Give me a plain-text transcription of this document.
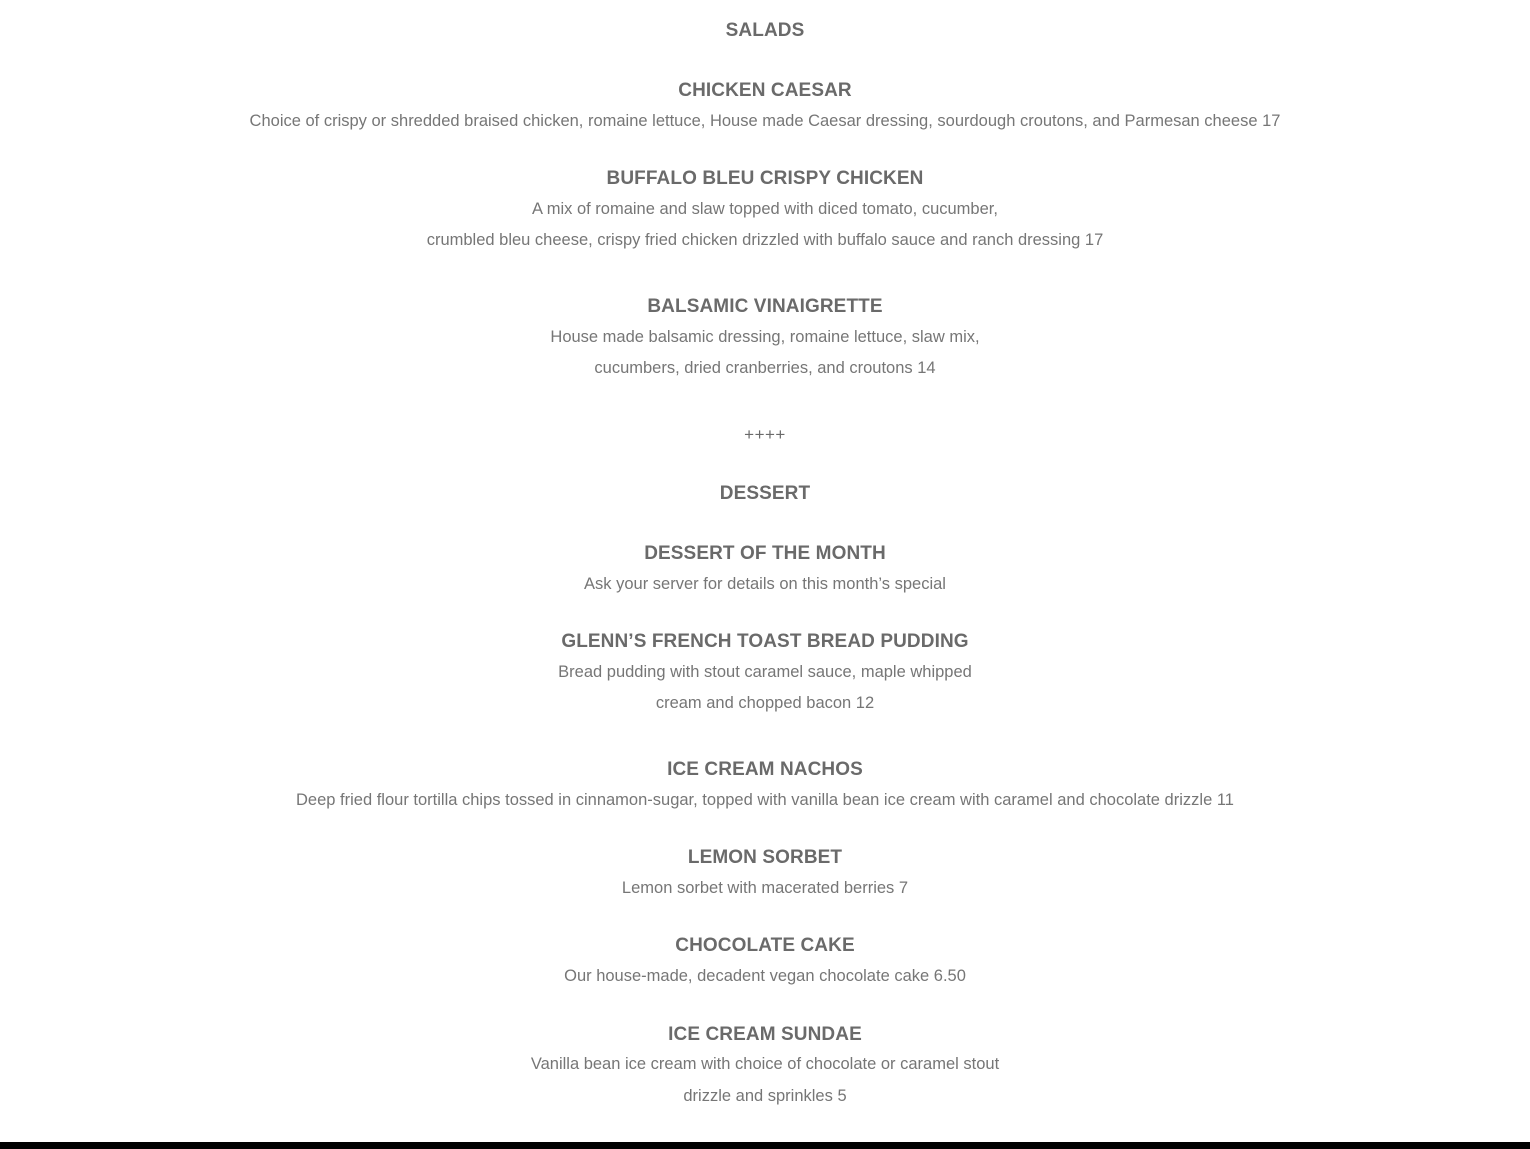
SALADS
CHICKEN CAESAR
Choice of crispy or shredded braised chicken, romaine lettuce, House made Caesar dressing, sourdough croutons, and Parmesan cheese 17
BUFFALO BLEU CRISPY CHICKEN
A mix of romaine and slaw topped with diced tomato, cucumber,
crumbled bleu cheese, crispy fried chicken drizzled with buffalo sauce and ranch dressing 17
BALSAMIC VINAIGRETTE
House made balsamic dressing, romaine lettuce, slaw mix,
cucumbers, dried cranberries, and croutons 14
++++
DESSERT
DESSERT OF THE MONTH
Ask your server for details on this month’s special
GLENN’S FRENCH TOAST BREAD PUDDING
Bread pudding with stout caramel sauce, maple whipped
cream and chopped bacon 12
ICE CREAM NACHOS
Deep fried flour tortilla chips tossed in cinnamon-sugar, topped with vanilla bean ice cream with caramel and chocolate drizzle 11
LEMON SORBET
Lemon sorbet with macerated berries 7
CHOCOLATE CAKE
Our house-made, decadent vegan chocolate cake 6.50
ICE CREAM SUNDAE
Vanilla bean ice cream with choice of chocolate or caramel stout
drizzle and sprinkles 5
